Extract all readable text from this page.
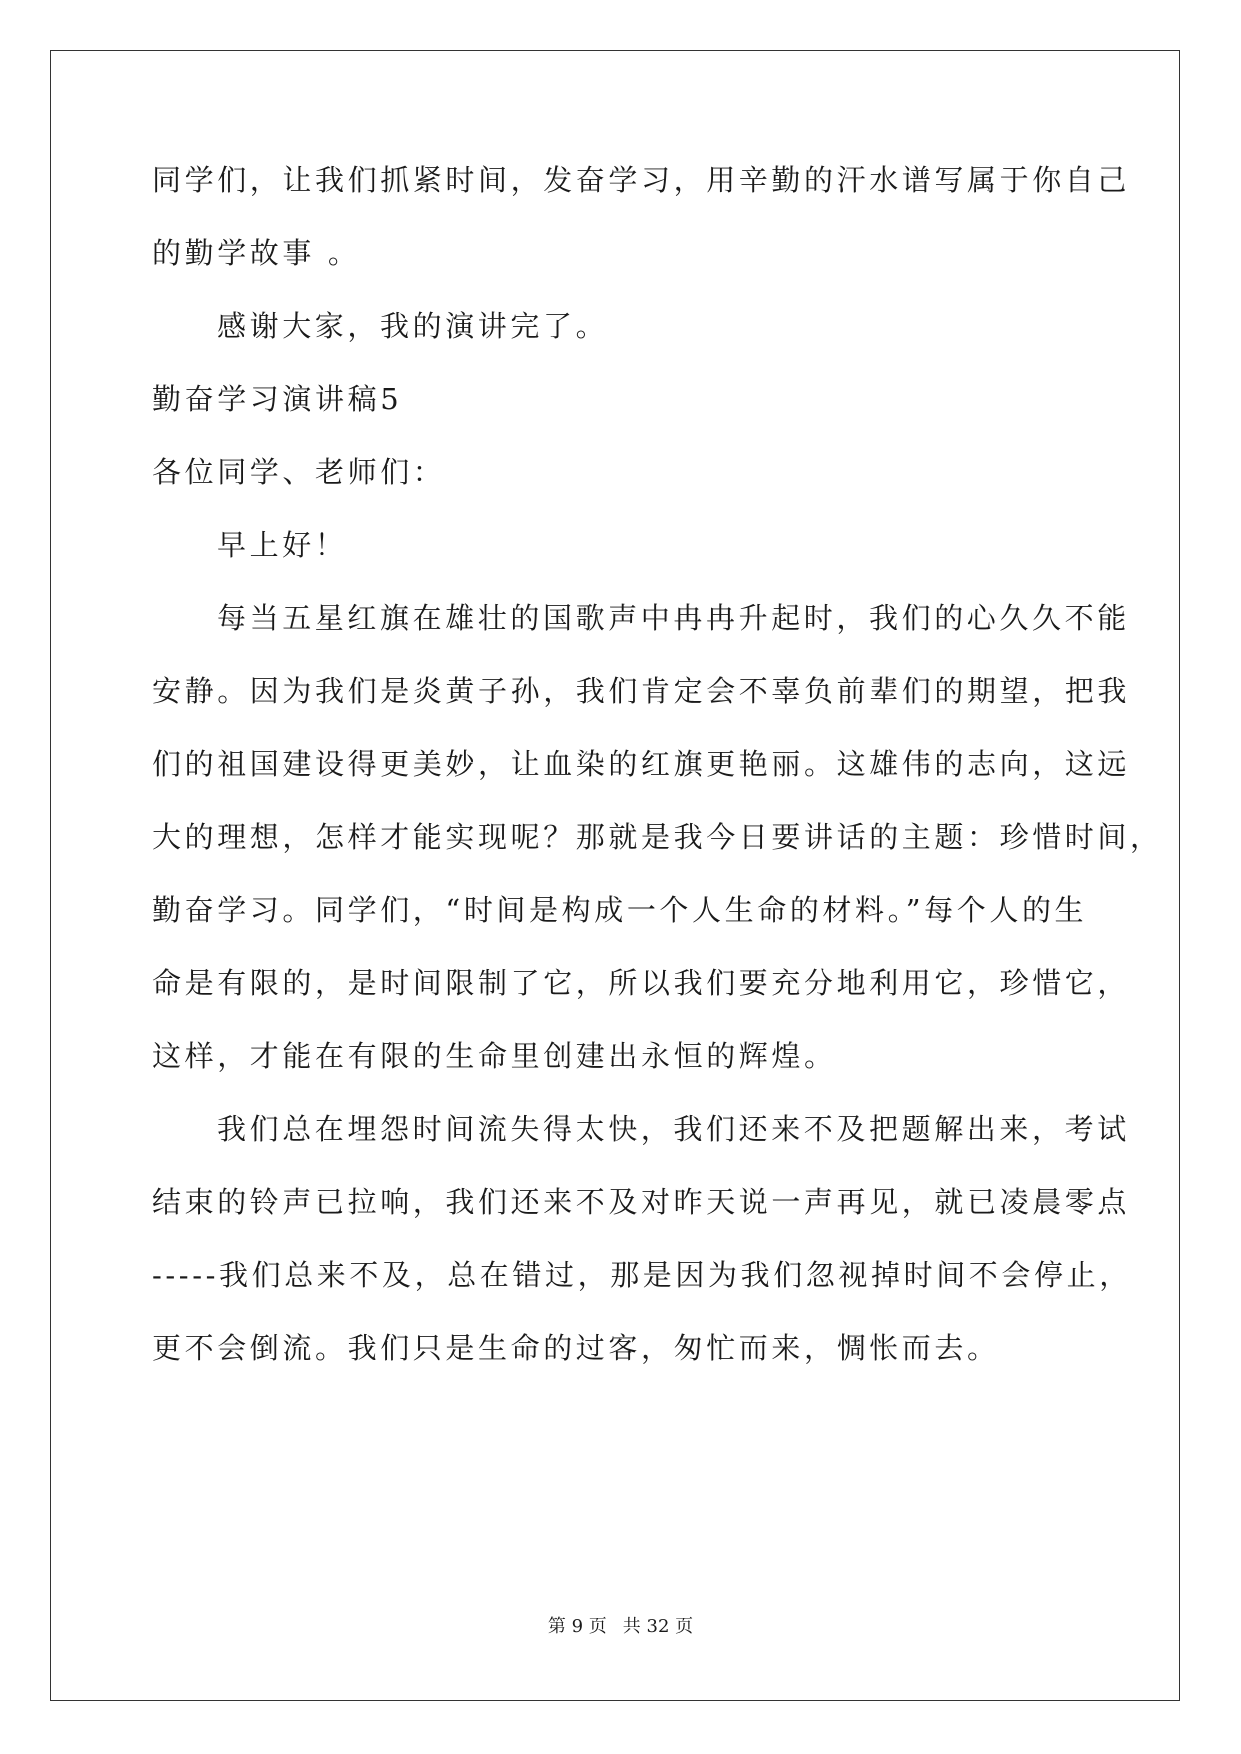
同学们，让我们抓紧时间，发奋学习，用辛勤的汗水谱写属于你自己
的勤学故事 。
感谢大家，我的演讲完了。
勤奋学习演讲稿5
各位同学、老师们：
早上好！
每当五星红旗在雄壮的国歌声中冉冉升起时，我们的心久久不能
安静。因为我们是炎黄子孙，我们肯定会不辜负前辈们的期望，把我
们的祖国建设得更美妙，让血染的红旗更艳丽。这雄伟的志向，这远
大的理想，怎样才能实现呢？那就是我今日要讲话的主题：珍惜时间，
勤奋学习。同学们，“时间是构成一个人生命的材料。”每个人的生
命是有限的，是时间限制了它，所以我们要充分地利用它，珍惜它，
这样，才能在有限的生命里创建出永恒的辉煌。
我们总在埋怨时间流失得太快，我们还来不及把题解出来，考试
结束的铃声已拉响，我们还来不及对昨天说一声再见，就已凌晨零点
-----我们总来不及，总在错过，那是因为我们忽视掉时间不会停止，
更不会倒流。我们只是生命的过客，匆忙而来，惆怅而去。
第 9 页 共 32 页
